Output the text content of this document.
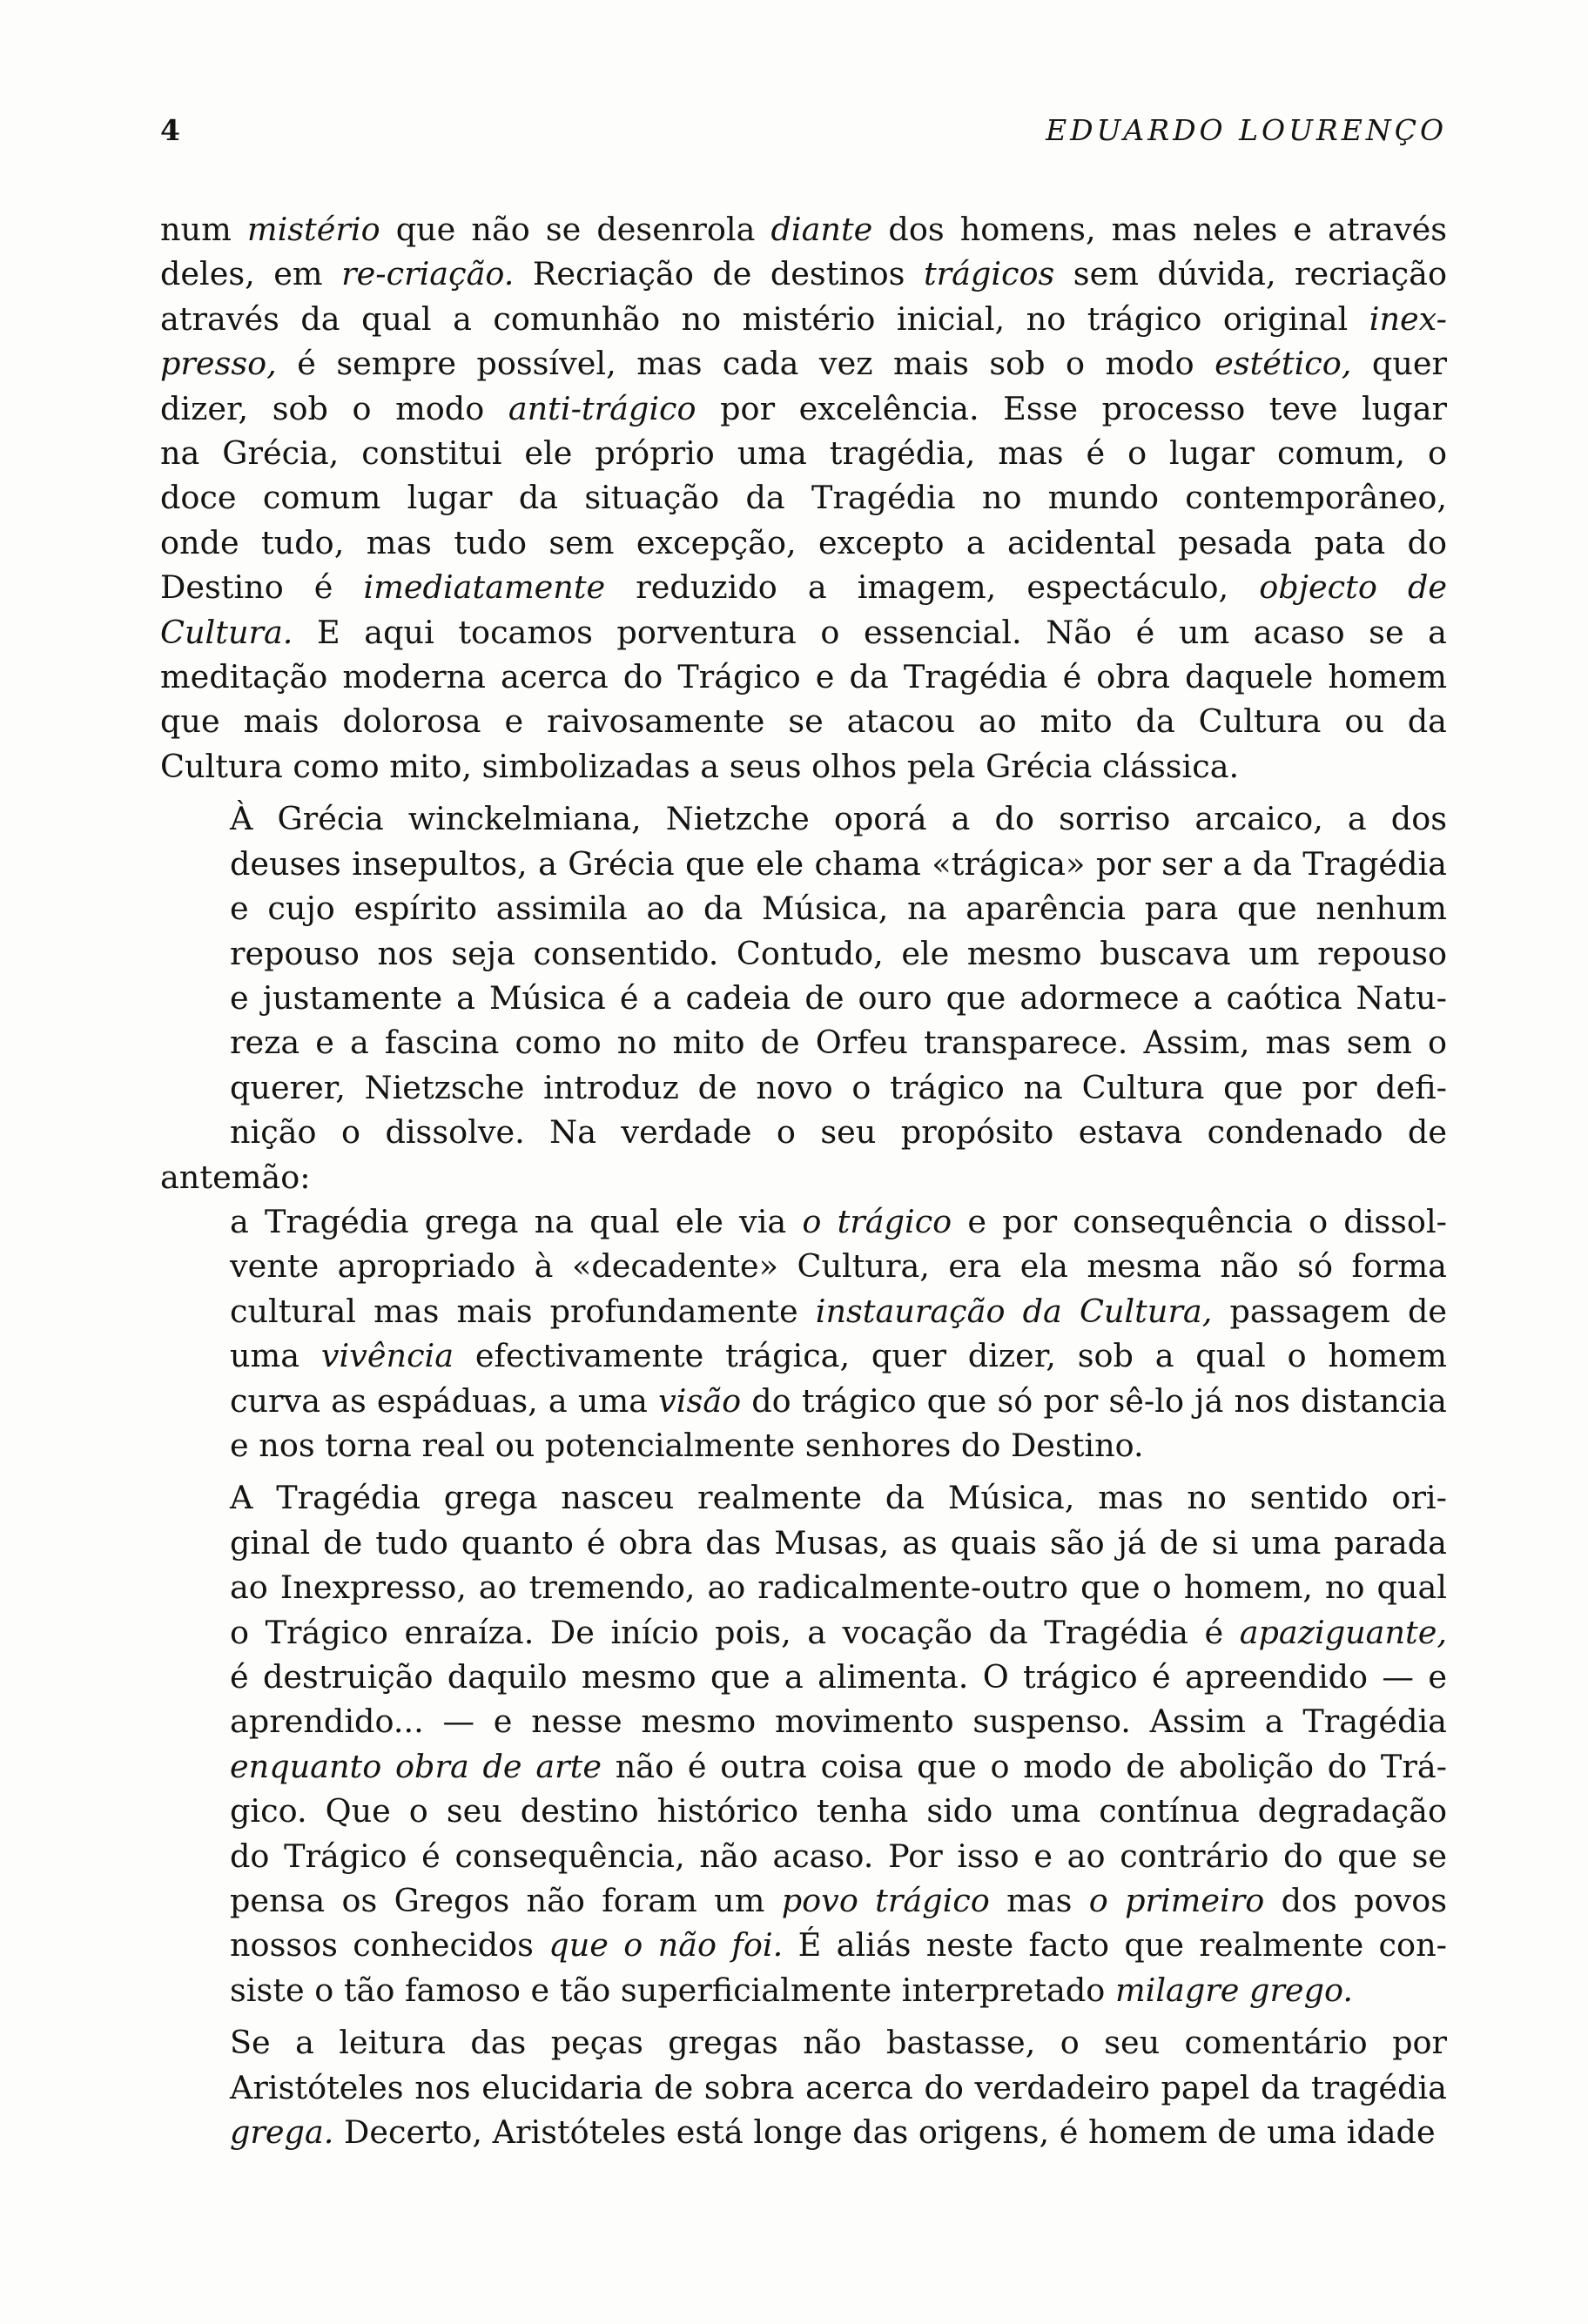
4	EDUARDO LOURENÇO
num mistério que não se desenrola diante dos homens, mas neles e através
deles, em re-criação. Recriação de destinos trágicos sem dúvida, recriação
através da qual a comunhão no mistério inicial, no trágico original inex-
presso, é sempre possível, mas cada vez mais sob o modo estético, quer
dizer, sob o modo anti-trágico por excelência. Esse processo teve lugar
na Grécia, constitui ele próprio uma tragédia, mas é o lugar comum, o
doce comum lugar da situação da Tragédia no mundo contemporâneo,
onde tudo, mas tudo sem excepção, excepto a acidental pesada pata do
Destino é imediatamente reduzido a imagem, espectáculo, objecto de
Cultura. E aqui tocamos porventura o essencial. Não é um acaso se a
meditação moderna acerca do Trágico e da Tragédia é obra daquele homem
que mais dolorosa e raivosamente se atacou ao mito da Cultura ou da
Cultura como mito, simbolizadas a seus olhos pela Grécia clássica.
À Grécia winckelmiana, Nietzche oporá a do sorriso arcaico, a dos
deuses insepultos, a Grécia que ele chama «trágica» por ser a da Tragédia
e cujo espírito assimila ao da Música, na aparência para que nenhum
repouso nos seja consentido. Contudo, ele mesmo buscava um repouso
e justamente a Música é a cadeia de ouro que adormece a caótica Natu-
reza e a fascina como no mito de Orfeu transparece. Assim, mas sem o
querer, Nietzsche introduz de novo o trágico na Cultura que por defi-
nição o dissolve. Na verdade o seu propósito estava condenado de antemão:
a Tragédia grega na qual ele via o trágico e por consequência o dissol-
vente apropriado à «decadente» Cultura, era ela mesma não só forma
cultural mas mais profundamente instauração da Cultura, passagem de
uma vivência efectivamente trágica, quer dizer, sob a qual o homem
curva as espáduas, a uma visão do trágico que só por sê-lo já nos distancia
e nos torna real ou potencialmente senhores do Destino.
A Tragédia grega nasceu realmente da Música, mas no sentido ori-
ginal de tudo quanto é obra das Musas, as quais são já de si uma parada
ao Inexpresso, ao tremendo, ao radicalmente-outro que o homem, no qual
o Trágico enraíza. De início pois, a vocação da Tragédia é apaziguante,
é destruição daquilo mesmo que a alimenta. O trágico é apreendido — e
aprendido... — e nesse mesmo movimento suspenso. Assim a Tragédia
enquanto obra de arte não é outra coisa que o modo de abolição do Trá-
gico. Que o seu destino histórico tenha sido uma contínua degradação
do Trágico é consequência, não acaso. Por isso e ao contrário do que se
pensa os Gregos não foram um povo trágico mas o primeiro dos povos
nossos conhecidos que o não foi. É aliás neste facto que realmente con-
siste o tão famoso e tão superficialmente interpretado milagre grego.
Se a leitura das peças gregas não bastasse, o seu comentário por
Aristóteles nos elucidaria de sobra acerca do verdadeiro papel da tragédia
grega. Decerto, Aristóteles está longe das origens, é homem de uma idade
